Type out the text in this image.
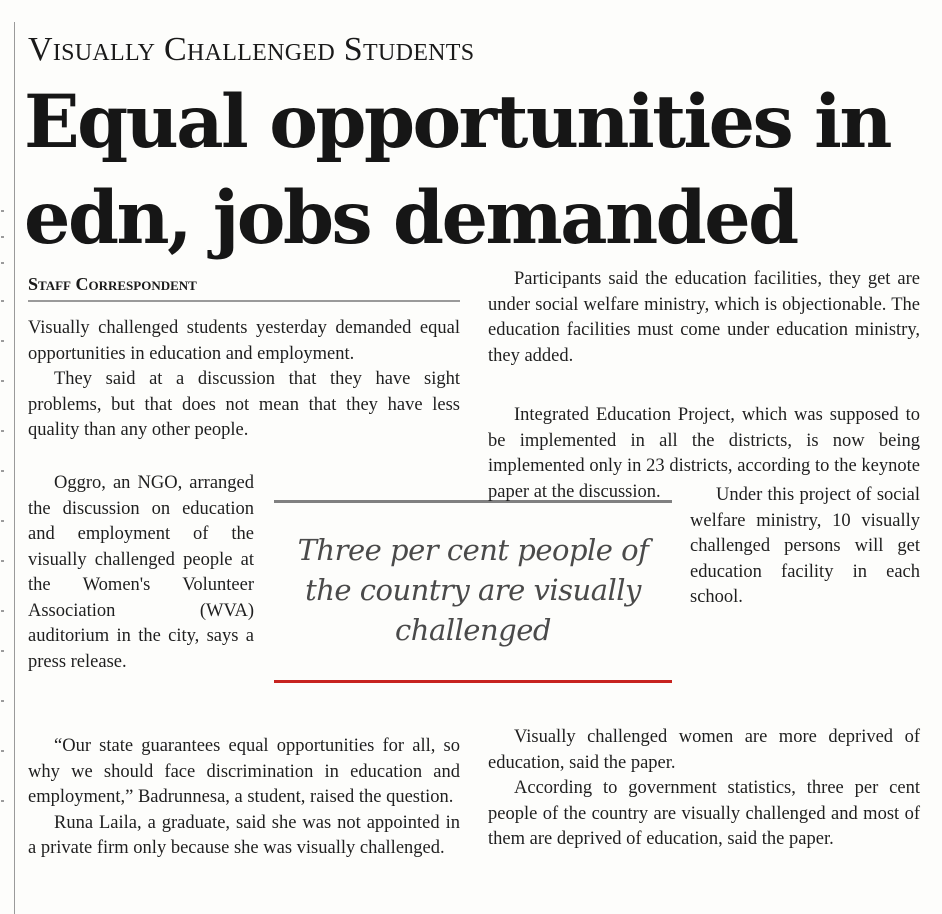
Visually Challenged Students
Equal opportunities in edn, jobs demanded
Staff Correspondent

Visually challenged students yesterday demanded equal opportunities in education and employment.

They said at a discussion that they have sight problems, but that does not mean that they have less quality than any other people.

Oggro, an NGO, arranged the discussion on education and employment of the visually challenged people at the Women's Volunteer Association (WVA) auditorium in the city, says a press release.

“Our state guarantees equal opportunities for all, so why we should face discrimination in education and employment,” Badrunnesa, a student, raised the question.

Runa Laila, a graduate, said she was not appointed in a private firm only because she was visually challenged.

Three per cent people of the country are visually challenged

Participants said the education facilities, they get are under social welfare ministry, which is objectionable. The education facilities must come under education ministry, they added.

Under this project of social welfare ministry, 10 visually challenged persons will get education facility in each school.

Visually challenged women are more deprived of education, said the paper.

According to government statistics, three per cent people of the country are visually challenged and most of them are deprived of education, said the paper.

Integrated Education Project, which was supposed to be implemented in all the districts, is now being implemented only in 23 districts, according to the keynote paper at the discussion.
